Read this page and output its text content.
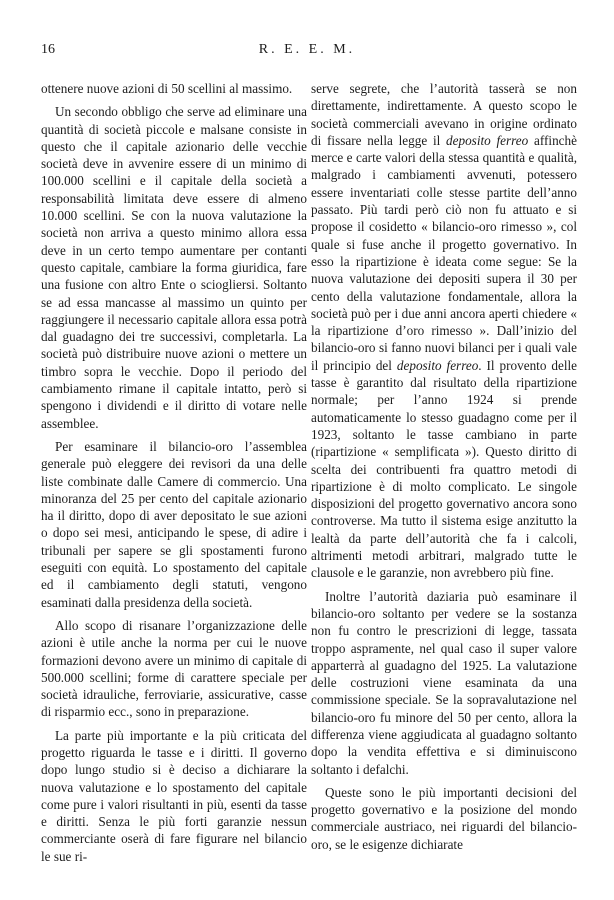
16	R. E. E. M.

ottenere nuove azioni di 50 scellini al massimo.

Un secondo obbligo che serve ad eliminare una quantità di società piccole e malsane consiste in questo che il capitale azionario delle vecchie società deve in avvenire essere di un minimo di 100.000 scellini e il capitale della società a responsabilità limitata deve essere di almeno 10.000 scellini. Se con la nuova valutazione la società non arriva a questo minimo allora essa deve in un certo tempo aumentare per contanti questo capitale, cambiare la forma giuridica, fare una fusione con altro Ente o sciogliersi. Soltanto se ad essa mancasse al massimo un quinto per raggiungere il necessario capitale allora essa potrà dal guadagno dei tre successivi, completarla. La società può distribuire nuove azioni o mettere un timbro sopra le vecchie. Dopo il periodo del cambiamento rimane il capitale intatto, però si spengono i dividendi e il diritto di votare nelle assemblee.

Per esaminare il bilancio-oro l’assemblea generale può eleggere dei revisori da una delle liste combinate dalle Camere di commercio. Una minoranza del 25 per cento del capitale azionario ha il diritto, dopo di aver depositato le sue azioni o dopo sei mesi, anticipando le spese, di adire i tribunali per sapere se gli spostamenti furono eseguiti con equità. Lo spostamento del capitale ed il cambiamento degli statuti, vengono esaminati dalla presidenza della società.

Allo scopo di risanare l’organizzazione delle azioni è utile anche la norma per cui le nuove formazioni devono avere un minimo di capitale di 500.000 scellini; forme di carattere speciale per società idrauliche, ferroviarie, assicurative, casse di risparmio ecc., sono in preparazione.

La parte più importante e la più criticata del progetto riguarda le tasse e i diritti. Il governo dopo lungo studio si è deciso a dichiarare la nuova valutazione e lo spostamento del capitale come pure i valori risultanti in più, esenti da tasse e diritti. Senza le più forti garanzie nessun commerciante oserà di fare figurare nel bilancio le sue ri-

serve segrete, che l’autorità tasserà se non direttamente, indirettamente. A questo scopo le società commerciali avevano in origine ordinato di fissare nella legge il deposito ferreo affinchè merce e carte valori della stessa quantità e qualità, malgrado i cambiamenti avvenuti, potessero essere inventariati colle stesse partite dell’anno passato. Più tardi però ciò non fu attuato e si propose il cosidetto « bilancio-oro rimesso », col quale si fuse anche il progetto governativo. In esso la ripartizione è ideata come segue: Se la nuova valutazione dei depositi supera il 30 per cento della valutazione fondamentale, allora la società può per i due anni ancora aperti chiedere « la ripartizione d’oro rimesso ». Dall’inizio del bilancio-oro si fanno nuovi bilanci per i quali vale il principio del deposito ferreo. Il provento delle tasse è garantito dal risultato della ripartizione normale; per l’anno 1924 si prende automaticamente lo stesso guadagno come per il 1923, soltanto le tasse cambiano in parte (ripartizione « semplificata »). Questo diritto di scelta dei contribuenti fra quattro metodi di ripartizione è di molto complicato. Le singole disposizioni del progetto governativo ancora sono controverse. Ma tutto il sistema esige anzitutto la lealtà da parte dell’autorità che fa i calcoli, altrimenti metodi arbitrari, malgrado tutte le clausole e le garanzie, non avrebbero più fine.

Inoltre l’autorità daziaria può esaminare il bilancio-oro soltanto per vedere se la sostanza non fu contro le prescrizioni di legge, tassata troppo aspramente, nel qual caso il super valore apparterrà al guadagno del 1925. La valutazione delle costruzioni viene esaminata da una commissione speciale. Se la sopravalutazione nel bilancio-oro fu minore del 50 per cento, allora la differenza viene aggiudicata al guadagno soltanto dopo la vendita effettiva e si diminuiscono soltanto i defalchi.

Queste sono le più importanti decisioni del progetto governativo e la posizione del mondo commerciale austriaco, nei riguardi del bilancio-oro, se le esigenze dichiarate
